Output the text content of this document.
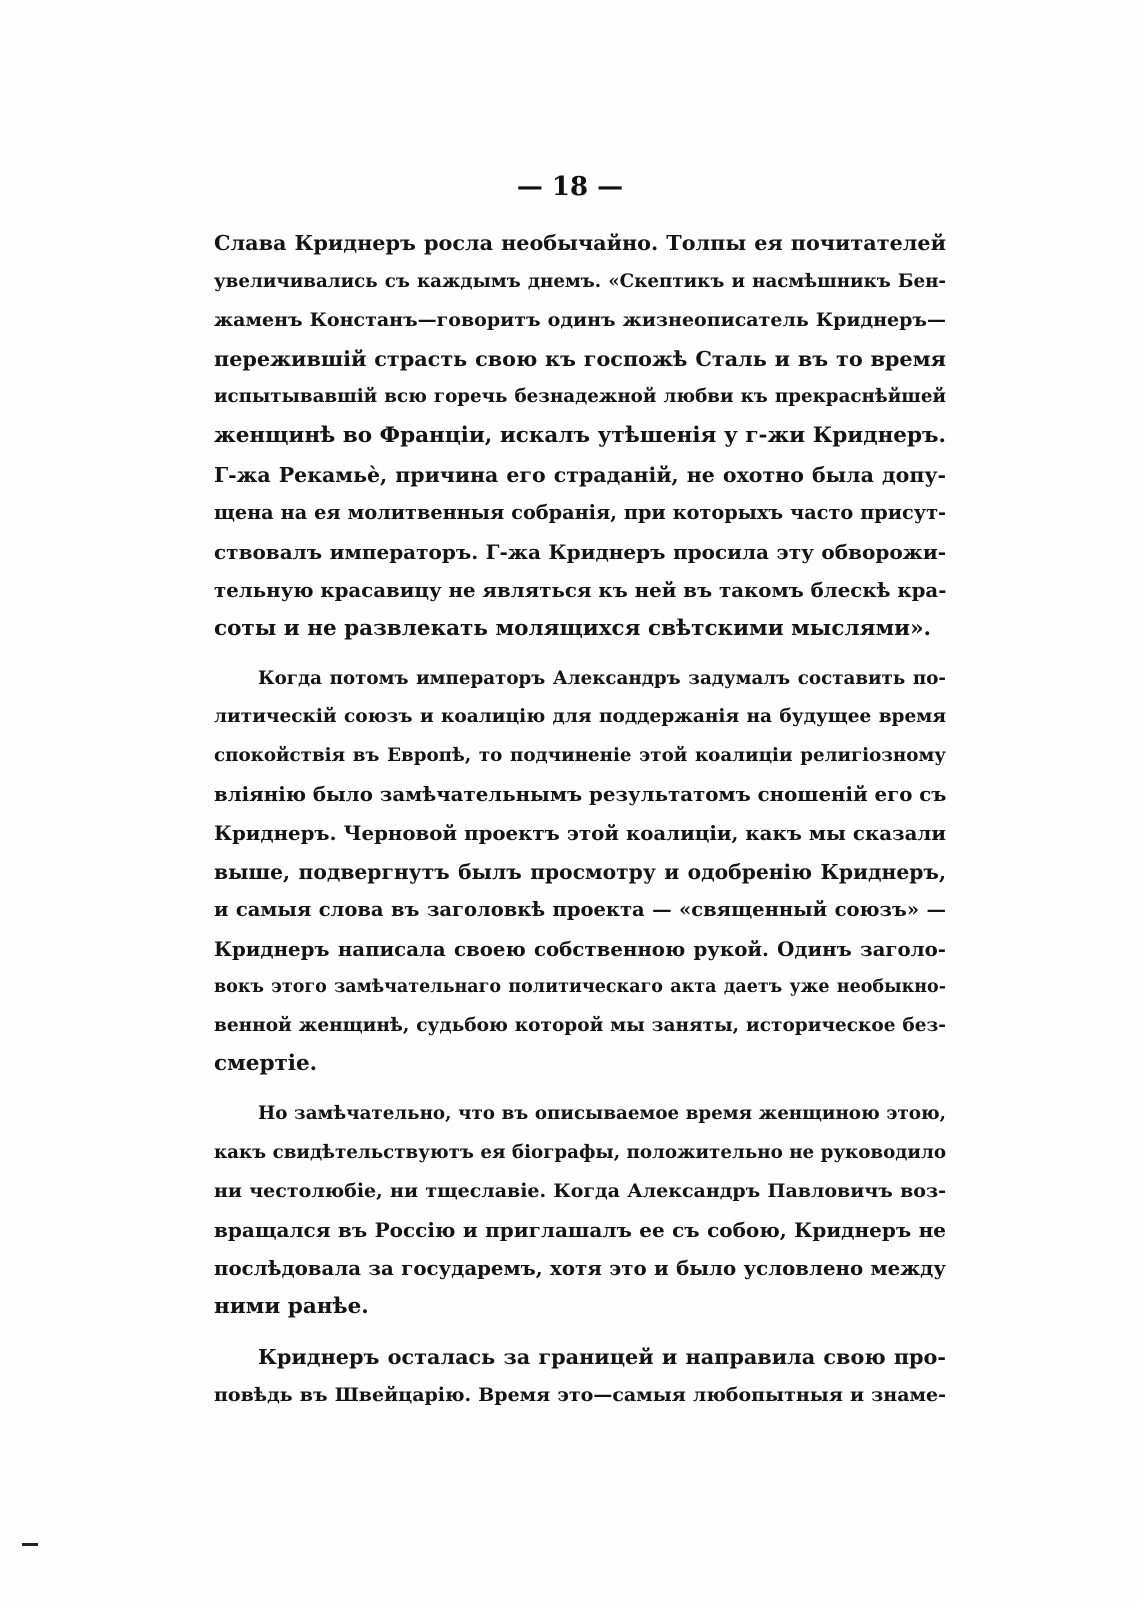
— 18 —
Слава Криднеръ росла необычайно. Толпы ея почитателей
увеличивались съ каждымъ днемъ. «Скептикъ и насмѣшникъ Бен-
жаменъ Констанъ—говоритъ одинъ жизнеописатель Криднеръ—
пережившій страсть свою къ госпожѣ Сталь и въ то время
испытывавшій всю горечь безнадежной любви къ прекраснѣйшей
женщинѣ во Франціи, искалъ утѣшенія у г-жи Криднеръ.
Г-жа Рекамьè, причина его страданій, не охотно была допу-
щена на ея молитвенныя собранія, при которыхъ часто присут-
ствовалъ императоръ. Г-жа Криднеръ просила эту обворожи-
тельную красавицу не являться къ ней въ такомъ блескѣ кра-
соты и не развлекать молящихся свѣтскими мыслями».
Когда потомъ императоръ Александръ задумалъ составить по-
литическій союзъ и коалицію для поддержанія на будущее время
спокойствія въ Европѣ, то подчиненіе этой коалиціи религіозному
вліянію было замѣчательнымъ результатомъ сношеній его съ
Криднеръ. Черновой проектъ этой коалиціи, какъ мы сказали
выше, подвергнутъ былъ просмотру и одобренію Криднеръ,
и самыя слова въ заголовкѣ проекта — «священный союзъ» —
Криднеръ написала своею собственною рукой. Одинъ заголо-
вокъ этого замѣчательнаго политическаго акта даетъ уже необыкно-
венной женщинѣ, судьбою которой мы заняты, историческое без-
смертіе.
Но замѣчательно, что въ описываемое время женщиною этою,
какъ свидѣтельствуютъ ея біографы, положительно не руководило
ни честолюбіе, ни тщеславіе. Когда Александръ Павловичъ воз-
вращался въ Россію и приглашалъ ее съ собою, Криднеръ не
послѣдовала за государемъ, хотя это и было условлено между
ними ранѣе.
Криднеръ осталась за границей и направила свою про-
повѣдь въ Швейцарію. Время это—самыя любопытныя и знаме-
